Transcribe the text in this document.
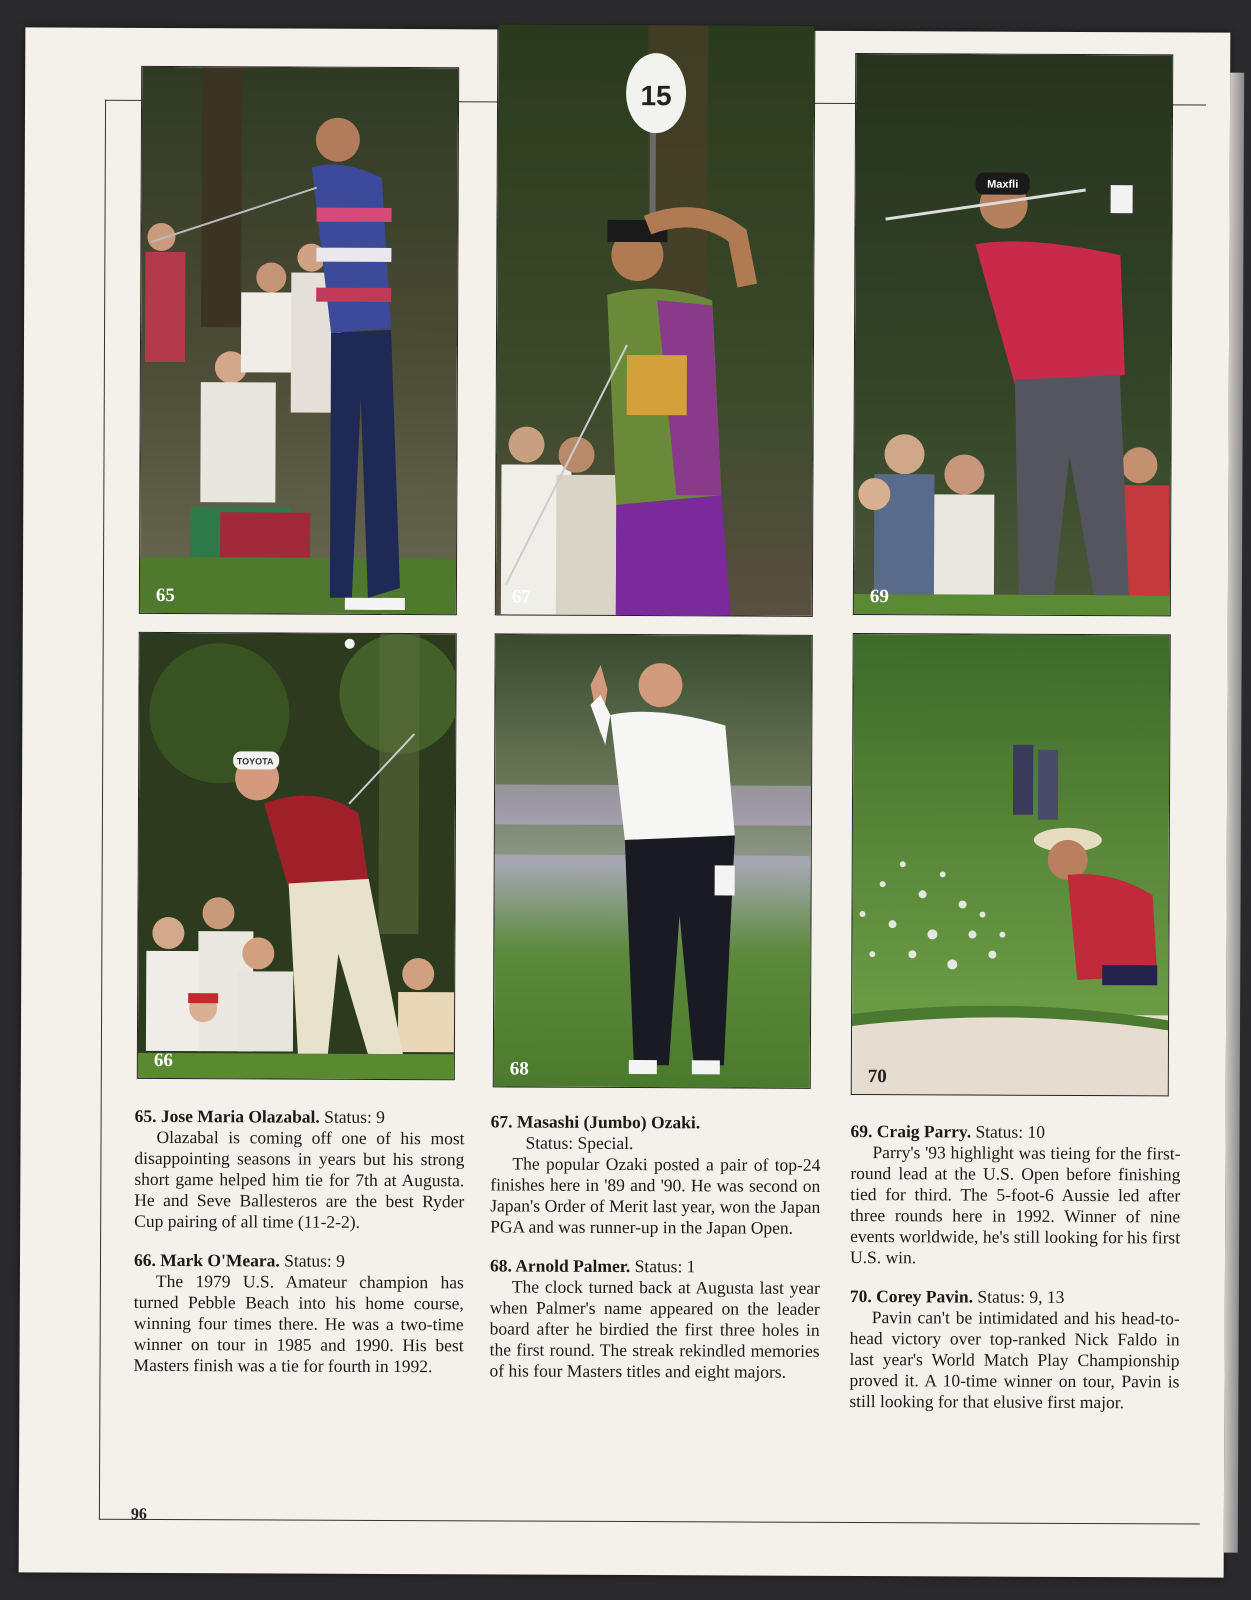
65
15
67
Maxfli
69
TOYOTA
66	68	70
65. Jose Maria Olazabal. Status: 9
Olazabal is coming off one of his most disappointing seasons in years but his strong short game helped him tie for 7th at Augusta. He and Seve Ballesteros are the best Ryder Cup pairing of all time (11-2-2).
66. Mark O'Meara. Status: 9
The 1979 U.S. Amateur champion has turned Pebble Beach into his home course, winning four times there. He was a two-time winner on tour in 1985 and 1990. His best Masters finish was a tie for fourth in 1992.
67. Masashi (Jumbo) Ozaki.
Status: Special.
The popular Ozaki posted a pair of top-24 finishes here in '89 and '90. He was second on Japan's Order of Merit last year, won the Japan PGA and was runner-up in the Japan Open.
68. Arnold Palmer. Status: 1
The clock turned back at Augusta last year when Palmer's name appeared on the leader board after he birdied the first three holes in the first round. The streak rekindled memories of his four Masters titles and eight majors.
69. Craig Parry. Status: 10
Parry's '93 highlight was tieing for the first-round lead at the U.S. Open before finishing tied for third. The 5-foot-6 Aussie led after three rounds here in 1992. Winner of nine events worldwide, he's still looking for his first U.S. win.
70. Corey Pavin. Status: 9, 13
Pavin can't be intimidated and his head-to-head victory over top-ranked Nick Faldo in last year's World Match Play Championship proved it. A 10-time winner on tour, Pavin is still looking for that elusive first major.
96
